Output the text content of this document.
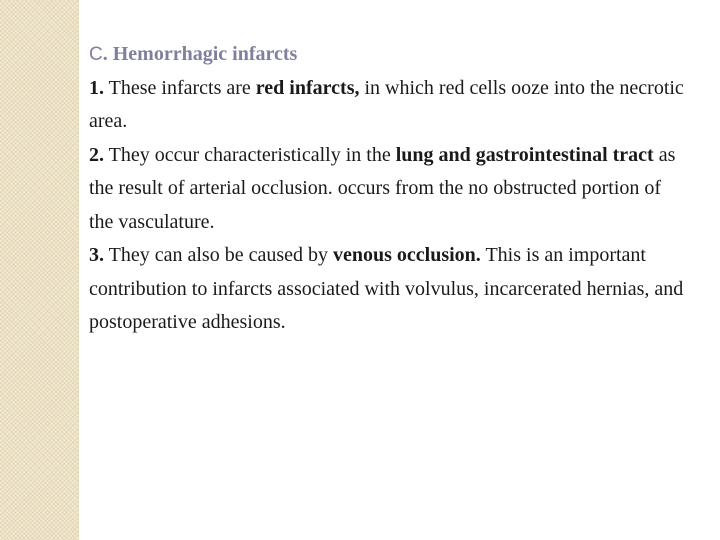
C. Hemorrhagic infarcts

1. These infarcts are red infarcts, in which red cells ooze into the necrotic area.

2. They occur characteristically in the lung and gastrointestinal tract as the result of arterial occlusion. occurs from the no obstructed portion of the vasculature.

3. They can also be caused by venous occlusion. This is an important contribution to infarcts associated with volvulus, incarcerated hernias, and postoperative adhesions.
